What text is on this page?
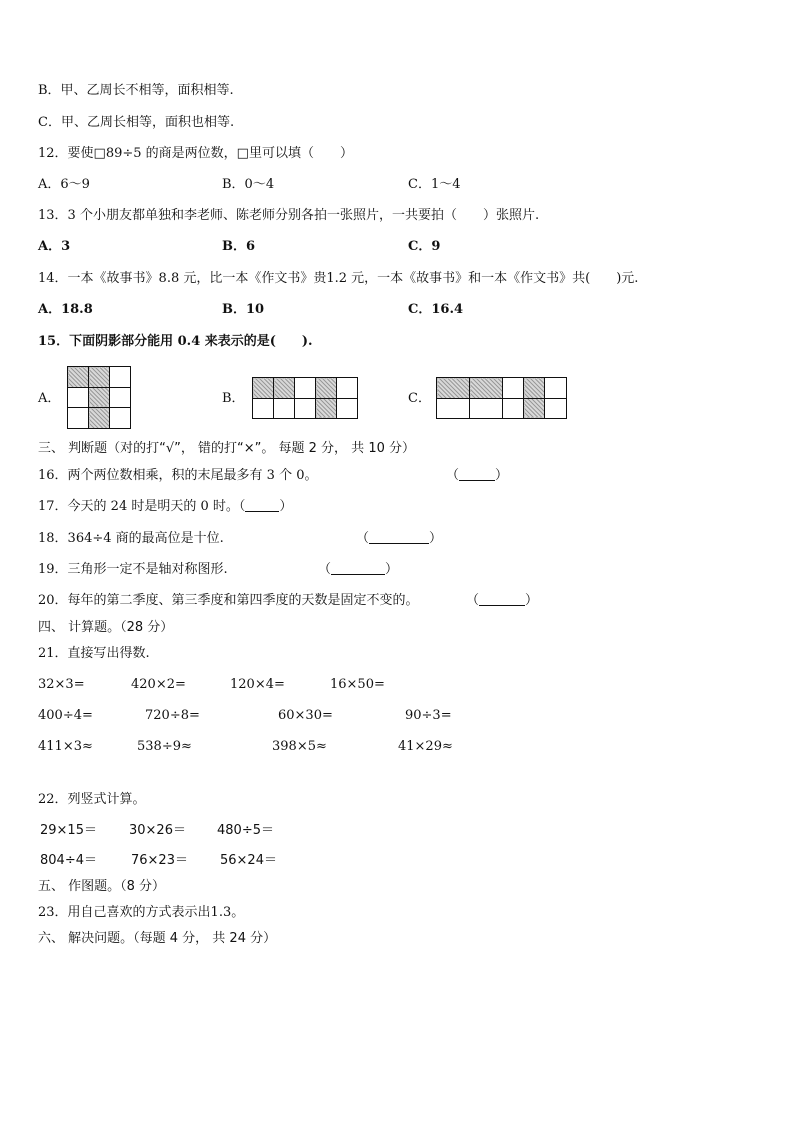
B．甲、乙周长不相等，面积相等.
C．甲、乙周长相等，面积也相等.
12．要使□89÷5 的商是两位数，□里可以填（　　）
A．6～9	B．0～4	C．1～4
13．3 个小朋友都单独和李老师、陈老师分别各拍一张照片，一共要拍（　　）张照片.
A．3	B．6	C．9
14．一本《故事书》8.8 元，比一本《作文书》贵1.2 元，一本《故事书》和一本《作文书》共(　　)元.
A．18.8	B．10	C．16.4
15．下面阴影部分能用 0.4 来表示的是(　　).
A．

			B．

					C．

三、 判断题（对的打“√”， 错的打“×”。 每题 2 分， 共 10 分）
16．两个两位数相乘，积的末尾最多有 3 个 0。	（	）
17．今天的 24 时是明天的 0 时。（	）
18．364÷4 商的最高位是十位.	（	）
19．三角形一定不是轴对称图形.	（	）
20．每年的第二季度、第三季度和第四季度的天数是固定不变的。	（	）
四、 计算题。（28 分）
21．直接写出得数.
32×3=	420×2=	120×4=	16×50=
400÷4=	720÷8=	60×30=	90÷3=
411×3≈	538÷9≈	398×5≈	41×29≈
22．列竖式计算。
29×15＝ 30×26＝ 480÷5＝
804÷4＝	76×23＝ 56×24＝
五、 作图题。（8 分）
23．用自己喜欢的方式表示出1.3。
六、 解决问题。（每题 4 分， 共 24 分）
